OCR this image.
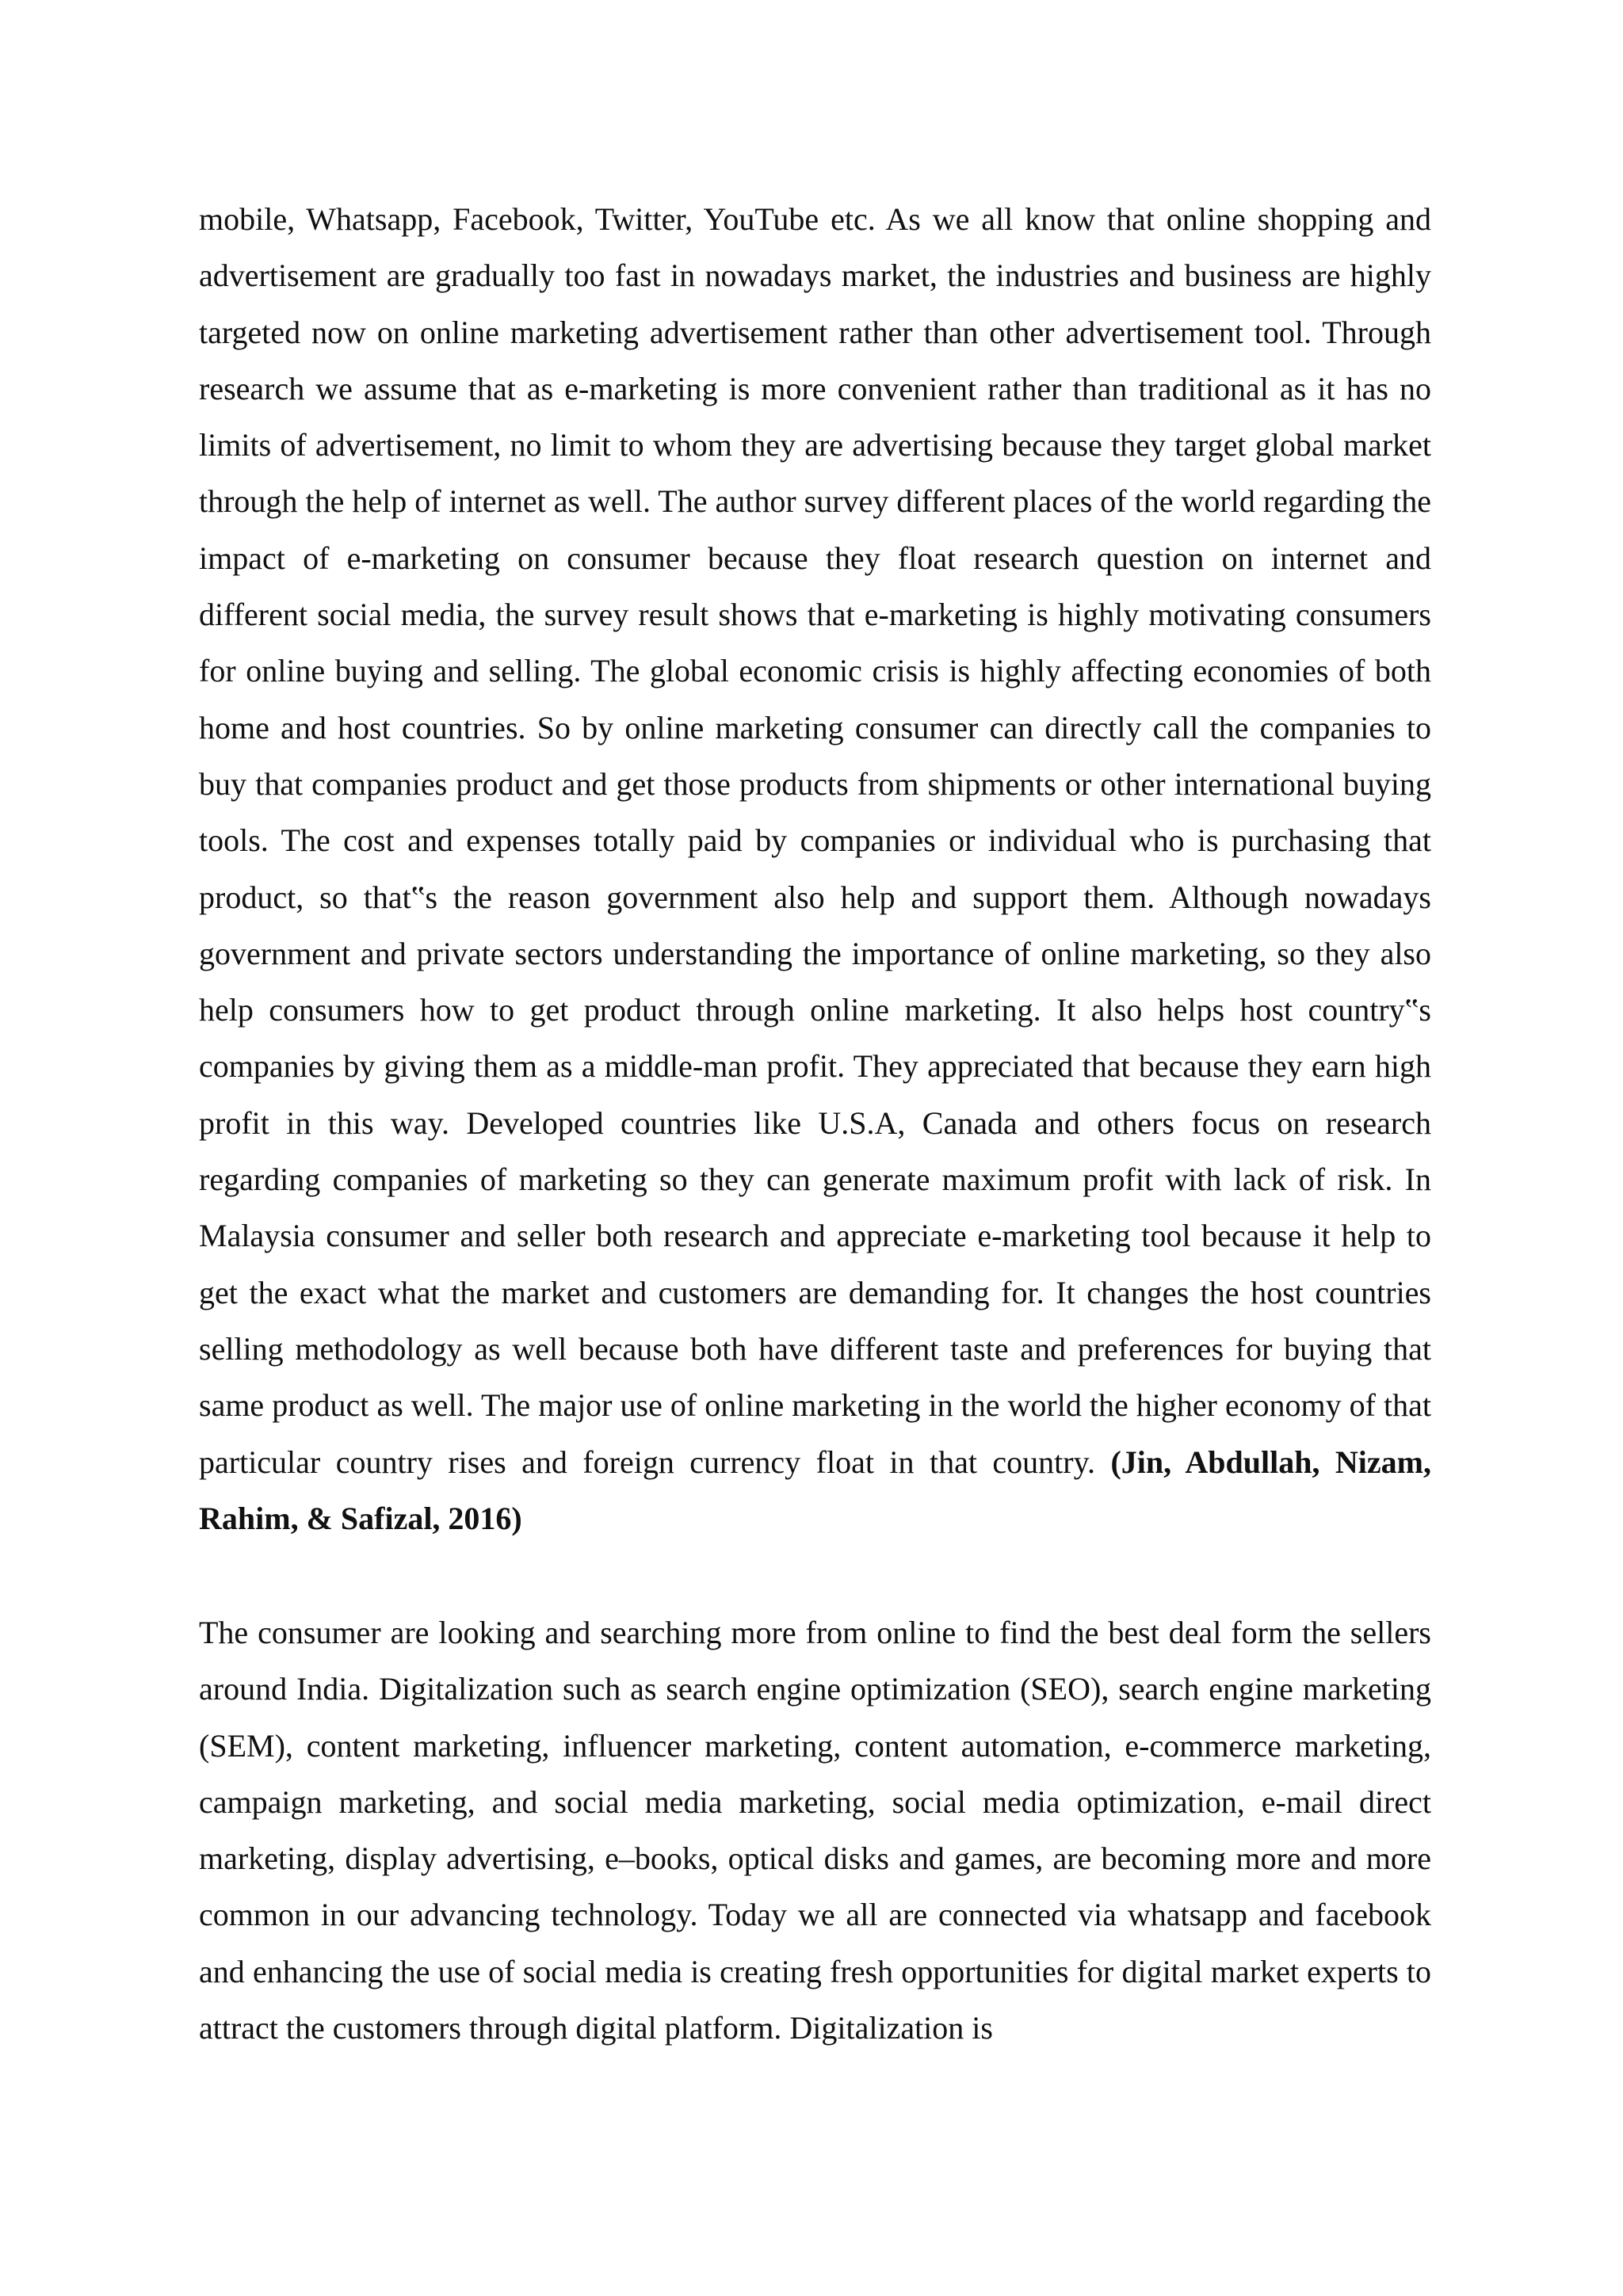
mobile, Whatsapp, Facebook, Twitter, YouTube etc. As we all know that online shopping and advertisement are gradually too fast in nowadays market, the industries and business are highly targeted now on online marketing advertisement rather than other advertisement tool. Through research we assume that as e-marketing is more convenient rather than traditional as it has no limits of advertisement, no limit to whom they are advertising because they target global market through the help of internet as well. The author survey different places of the world regarding the impact of e-marketing on consumer because they float research question on internet and different social media, the survey result shows that e-marketing is highly motivating consumers for online buying and selling. The global economic crisis is highly affecting economies of both home and host countries. So by online marketing consumer can directly call the companies to buy that companies product and get those products from shipments or other international buying tools. The cost and expenses totally paid by companies or individual who is purchasing that product, so that‟s the reason government also help and support them. Although nowadays government and private sectors understanding the importance of online marketing, so they also help consumers how to get product through online marketing. It also helps host country‟s companies by giving them as a middle-man profit. They appreciated that because they earn high profit in this way. Developed countries like U.S.A, Canada and others focus on research regarding companies of marketing so they can generate maximum profit with lack of risk. In Malaysia consumer and seller both research and appreciate e-marketing tool because it help to get the exact what the market and customers are demanding for. It changes the host countries selling methodology as well because both have different taste and preferences for buying that same product as well. The major use of online marketing in the world the higher economy of that particular country rises and foreign currency float in that country. (Jin, Abdullah, Nizam, Rahim, & Safizal, 2016)

The consumer are looking and searching more from online to find the best deal form the sellers around India. Digitalization such as search engine optimization (SEO), search engine marketing (SEM), content marketing, influencer marketing, content automation, e-commerce marketing, campaign marketing, and social media marketing, social media optimization, e-mail direct marketing, display advertising, e–books, optical disks and games, are becoming more and more common in our advancing technology. Today we all are connected via whatsapp and facebook and enhancing the use of social media is creating fresh opportunities for digital market experts to attract the customers through digital platform. Digitalization is
